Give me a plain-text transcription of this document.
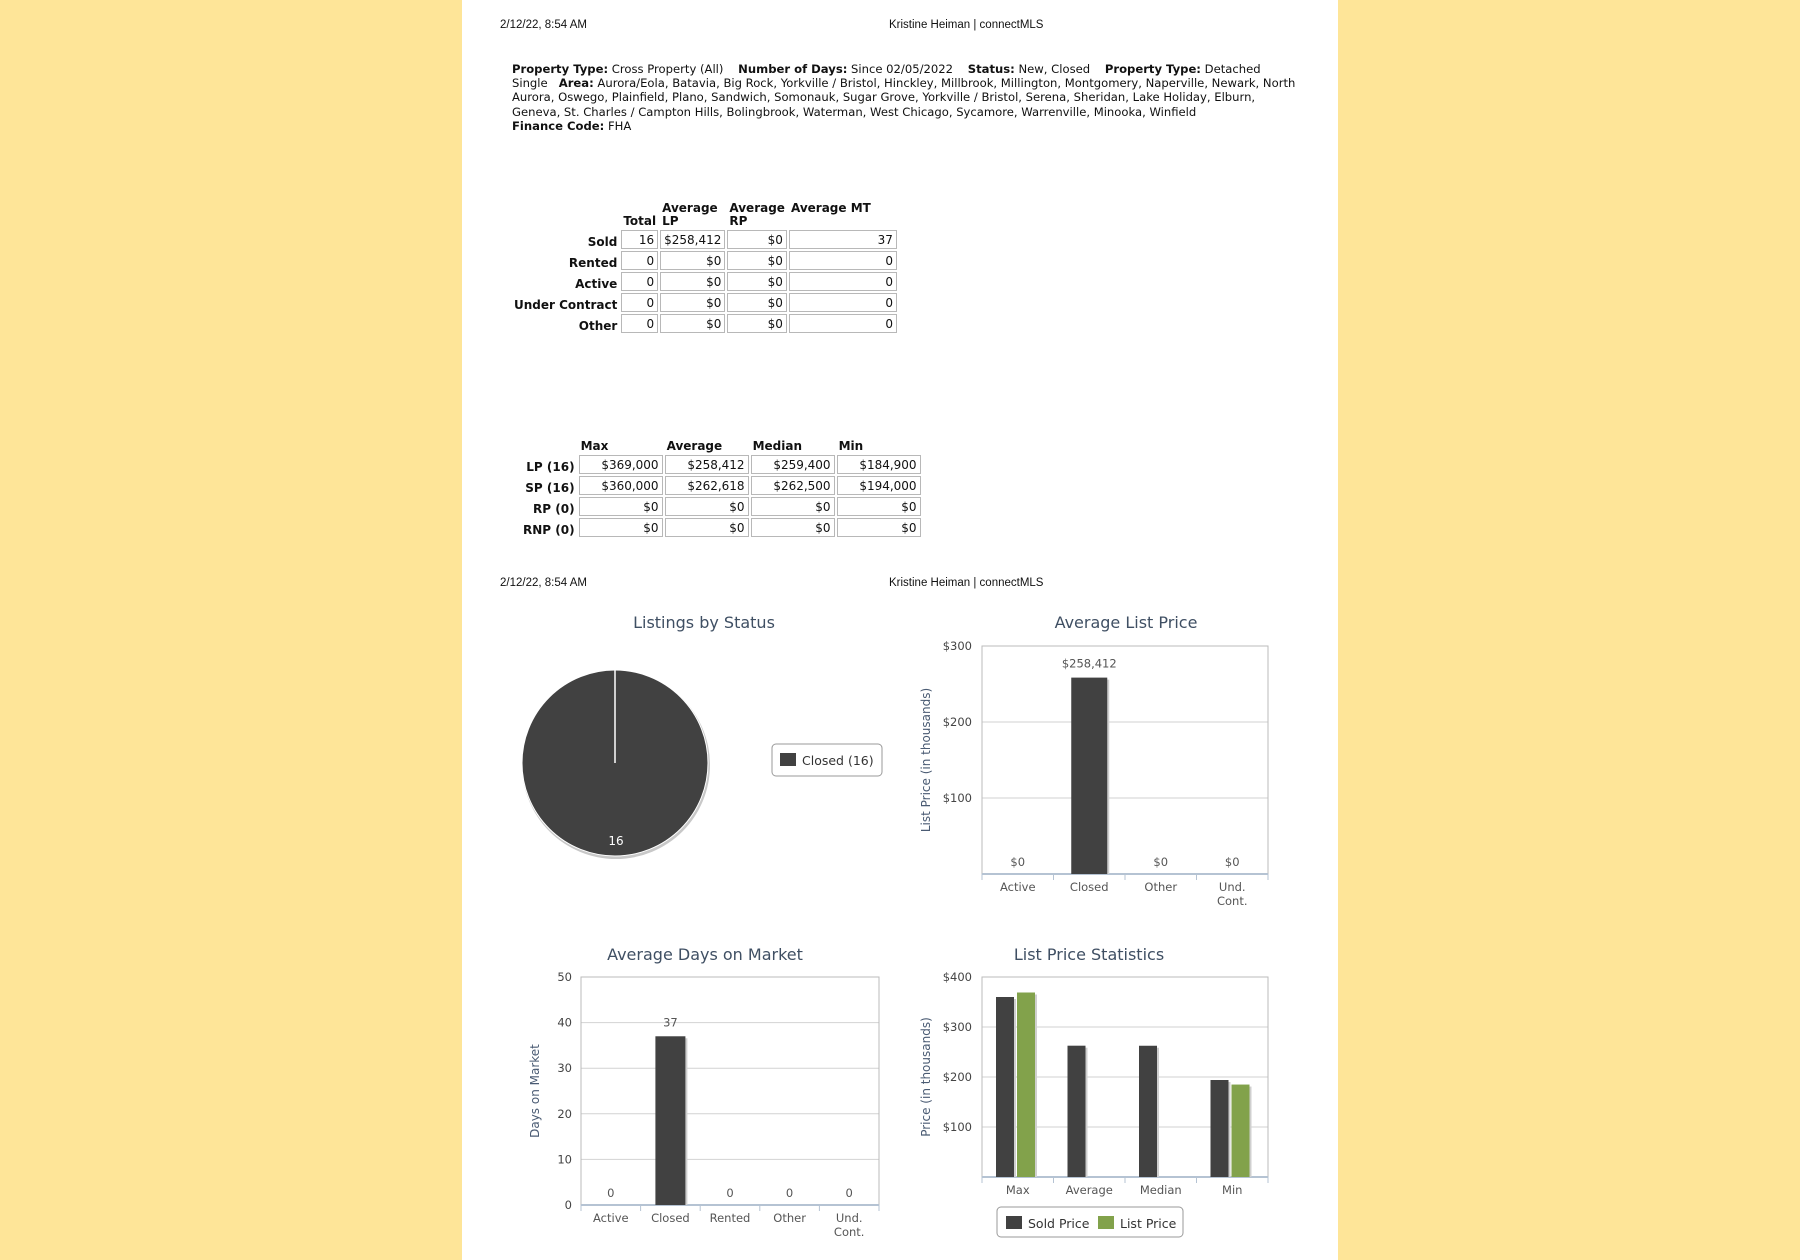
2/12/22, 8:54 AM	Kristine Heiman | connectMLS
Property Type: Cross Property (All) Number of Days: Since 02/05/2022 Status: New, Closed Property Type: Detached Single Area: Aurora/Eola, Batavia, Big Rock, Yorkville / Bristol, Hinckley, Millbrook, Millington, Montgomery, Naperville, Newark, North Aurora, Oswego, Plainfield, Plano, Sandwich, Somonauk, Sugar Grove, Yorkville / Bristol, Serena, Sheridan, Lake Holiday, Elburn, Geneva, St. Charles / Campton Hills, Bolingbrook, Waterman, West Chicago, Sycamore, Warrenville, Minooka, Winfield
Finance Code: FHA
	Total	Average LP	Average RP	Average MT
Sold	16	$258,412	$0	37
Rented	0	$0	$0	0
Active	0	$0	$0	0
Under Contract	0	$0	$0	0
Other	0	$0	$0	0
	Max	Average	Median	Min
LP (16)	$369,000	$258,412	$259,400	$184,900
SP (16)	$360,000	$262,618	$262,500	$194,000
RP (0)	$0	$0	$0	$0
RNP (0)	$0	$0	$0	$0
2/12/22, 8:54 AM	Kristine Heiman | connectMLS
Listings by Status
16
Closed (16)
Average List Price
$100
$200
$300
List Price (in thousands)
Active	Closed	Other	Und.
Cont.
$0
$258,412
$0	$0
Average Days on Market
0
10
20
30
40
50
Days on Market
Active Closed Rented Other	Und.
Cont.
0
37
0	0	0
List Price Statistics
$100
$200
$300
$400
Price (in thousands)
Max	Average Median	Min
Sold Price List Price
